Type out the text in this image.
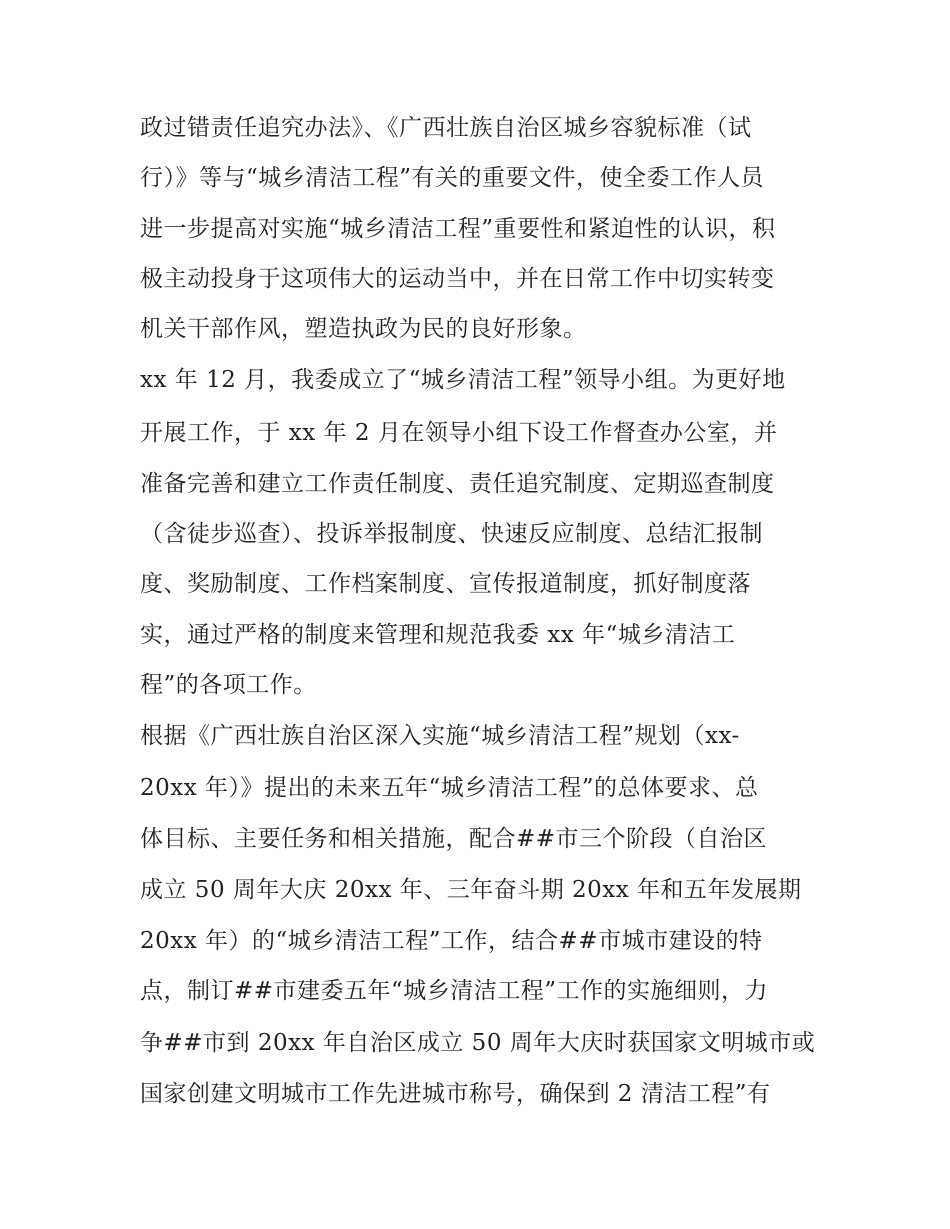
政过错责任追究办法》、《广西壮族自治区城乡容貌标准（试
行）》等与“城乡清洁工程”有关的重要文件，使全委工作人员
进一步提高对实施“城乡清洁工程”重要性和紧迫性的认识，积
极主动投身于这项伟大的运动当中，并在日常工作中切实转变
机关干部作风，塑造执政为民的良好形象。
xx 年 12 月，我委成立了“城乡清洁工程”领导小组。为更好地
开展工作，于 xx 年 2 月在领导小组下设工作督查办公室，并
准备完善和建立工作责任制度、责任追究制度、定期巡查制度
（含徒步巡查）、投诉举报制度、快速反应制度、总结汇报制
度、奖励制度、工作档案制度、宣传报道制度，抓好制度落
实，通过严格的制度来管理和规范我委 xx 年“城乡清洁工
程”的各项工作。
根据《广西壮族自治区深入实施“城乡清洁工程”规划（xx-
20xx 年）》提出的未来五年“城乡清洁工程”的总体要求、总
体目标、主要任务和相关措施，配合##市三个阶段（自治区
成立 50 周年大庆 20xx 年、三年奋斗期 20xx 年和五年发展期
20xx 年）的“城乡清洁工程”工作，结合##市城市建设的特
点，制订##市建委五年“城乡清洁工程”工作的实施细则，力
争##市到 20xx 年自治区成立 50 周年大庆时获国家文明城市或
国家创建文明城市工作先进城市称号，确保到 2 清洁工程”有
